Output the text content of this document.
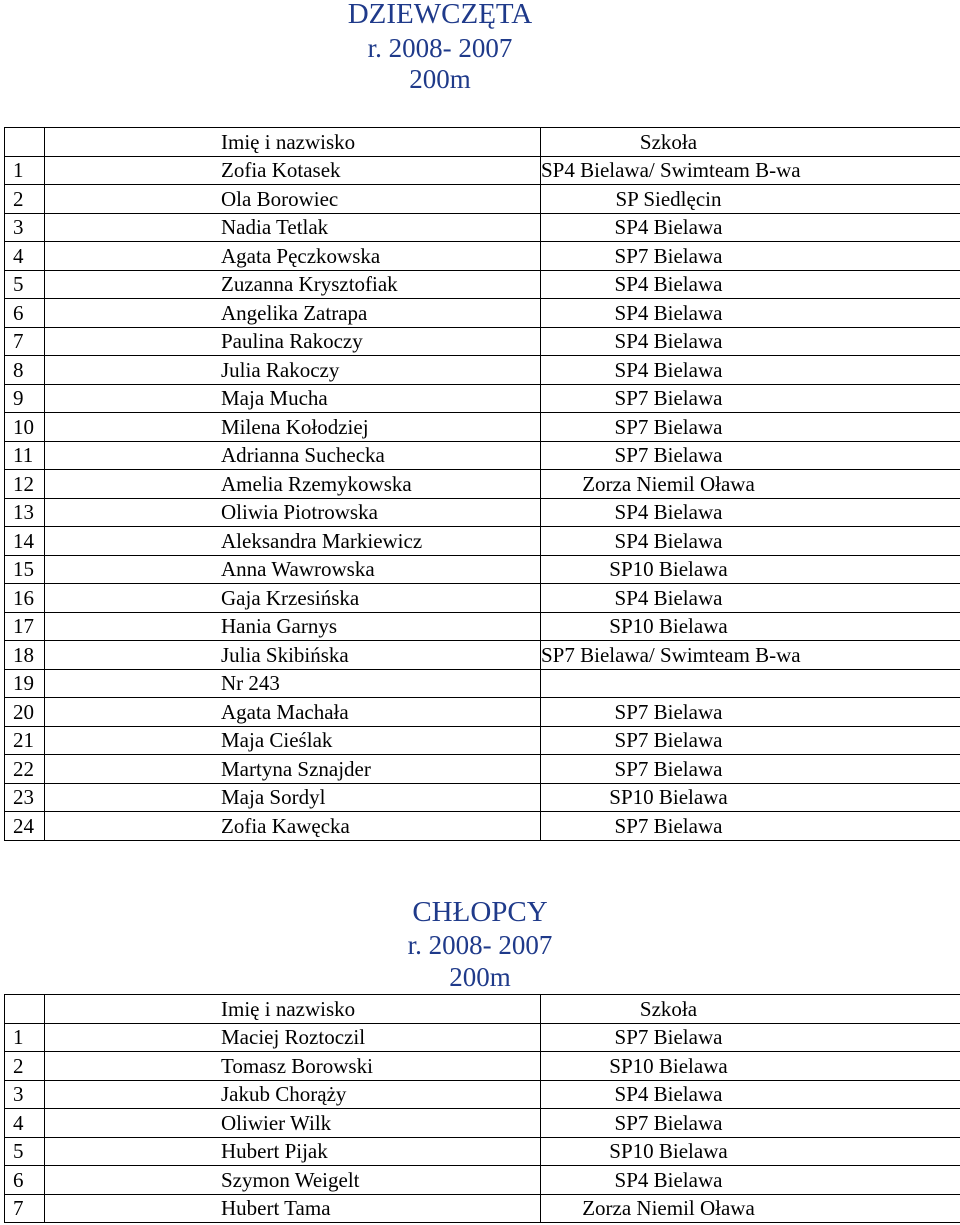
DZIEWCZĘTA
r. 2008- 2007
200m
	Imię i nazwisko	Szkoła

1	Zofia Kotasek	SP4 Bielawa/ Swimteam B-wa

2	Ola Borowiec	SP Siedlęcin

3	Nadia Tetlak	SP4 Bielawa

4	Agata Pęczkowska	SP7 Bielawa

5	Zuzanna Krysztofiak	SP4 Bielawa

6	Angelika Zatrapa	SP4 Bielawa

7	Paulina Rakoczy	SP4 Bielawa

8	Julia Rakoczy	SP4 Bielawa

9	Maja Mucha	SP7 Bielawa

10	Milena Kołodziej	SP7 Bielawa

11	Adrianna Suchecka	SP7 Bielawa

12	Amelia Rzemykowska	Zorza Niemil Oława

13	Oliwia Piotrowska	SP4 Bielawa

14	Aleksandra Markiewicz	SP4 Bielawa

15	Anna Wawrowska	SP10 Bielawa

16	Gaja Krzesińska	SP4 Bielawa

17	Hania Garnys	SP10 Bielawa

18	Julia Skibińska	SP7 Bielawa/ Swimteam B-wa

19	Nr 243	

20	Agata Machała	SP7 Bielawa

21	Maja Cieślak	SP7 Bielawa

22	Martyna Sznajder	SP7 Bielawa

23	Maja Sordyl	SP10 Bielawa

24	Zofia Kawęcka	SP7 Bielawa
CHŁOPCY
r. 2008- 2007
200m
	Imię i nazwisko	Szkoła

1	Maciej Roztoczil	SP7 Bielawa

2	Tomasz Borowski	SP10 Bielawa

3	Jakub Chorąży	SP4 Bielawa

4	Oliwier Wilk	SP7 Bielawa

5	Hubert Pijak	SP10 Bielawa

6	Szymon Weigelt	SP4 Bielawa

7	Hubert Tama	Zorza Niemil Oława
